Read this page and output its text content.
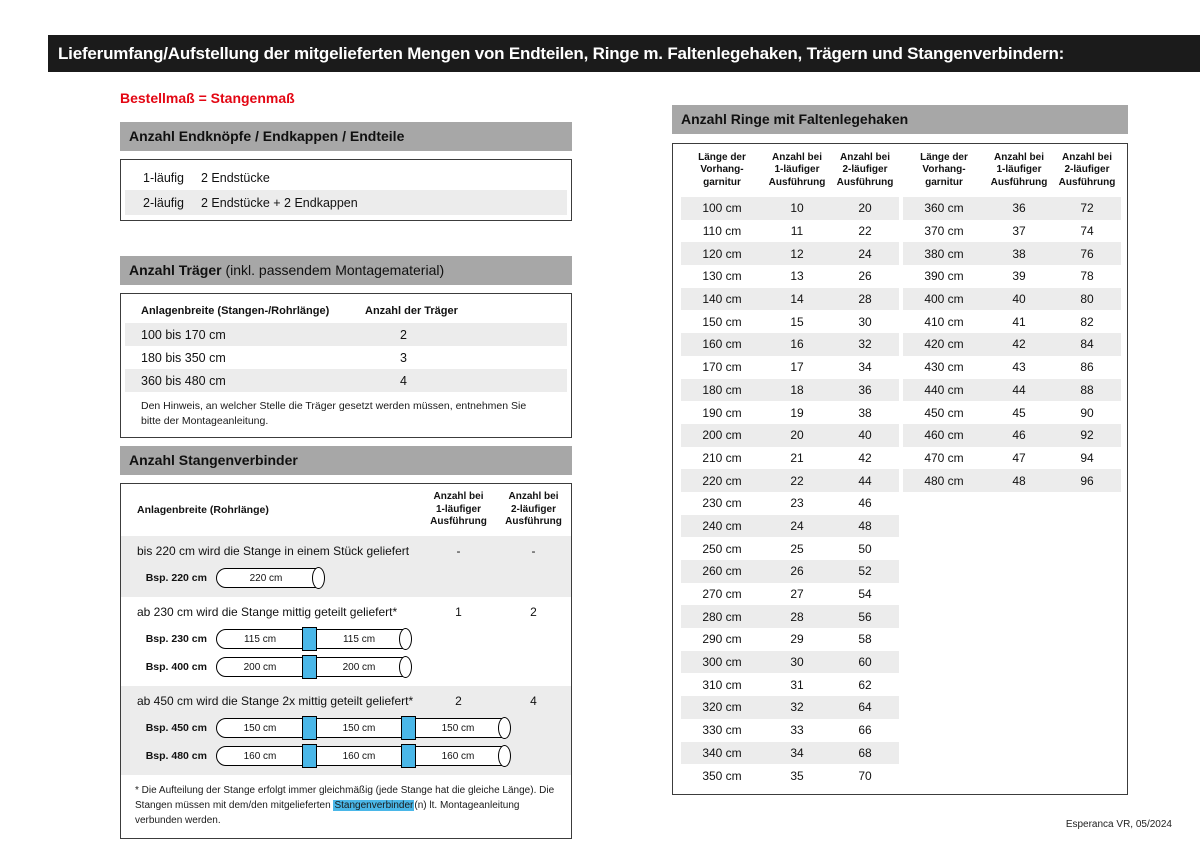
Lieferumfang/Aufstellung der mitgelieferten Mengen von Endteilen, Ringe m. Faltenlegehaken, Trägern und Stangenverbindern:
Bestellmaß = Stangenmaß
Anzahl Endknöpfe / Endkappen / Endteile
1-läufig	2 Endstücke
2-läufig	2 Endstücke + 2 Endkappen
Anzahl Träger (inkl. passendem Montagematerial)
Anlagenbreite (Stangen-/Rohrlänge)	Anzahl der Träger
100 bis 170 cm	2
180 bis 350 cm	3
360 bis 480 cm	4
Den Hinweis, an welcher Stelle die Träger gesetzt werden müssen, entnehmen Sie bitte der Montageanleitung.
Anzahl Stangenverbinder
Anlagenbreite (Rohrlänge)
Anzahl bei
1-läufiger
Ausführung
Anzahl bei
2-läufiger
Ausführung
bis 220 cm wird die Stange in einem Stück geliefert	-	-
Bsp. 220 cm	220 cm
ab 230 cm wird die Stange mittig geteilt geliefert*	1	2
Bsp. 230 cm	115 cm	115 cm
Bsp. 400 cm	200 cm	200 cm
ab 450 cm wird die Stange 2x mittig geteilt geliefert*	2	4
Bsp. 450 cm	150 cm	150 cm	150 cm
Bsp. 480 cm	160 cm	160 cm	160 cm
* Die Aufteilung der Stange erfolgt immer gleichmäßig (jede Stange hat die gleiche Länge). Die Stangen müssen mit dem/den mitgelieferten Stangenverbinder(n) lt. Montageanleitung verbunden werden.
Anzahl Ringe mit Faltenlegehaken
Länge der
Vorhang-
garnitur
Anzahl bei
1-läufiger
Ausführung
Anzahl bei
2-läufiger
Ausführung
100 cm	10	20
110 cm	11	22
120 cm	12	24
130 cm	13	26
140 cm	14	28
150 cm	15	30
160 cm	16	32
170 cm	17	34
180 cm	18	36
190 cm	19	38
200 cm	20	40
210 cm	21	42
220 cm	22	44
230 cm	23	46
240 cm	24	48
250 cm	25	50
260 cm	26	52
270 cm	27	54
280 cm	28	56
290 cm	29	58
300 cm	30	60
310 cm	31	62
320 cm	32	64
330 cm	33	66
340 cm	34	68
350 cm	35	70
Länge der
Vorhang-
garnitur
Anzahl bei
1-läufiger
Ausführung
Anzahl bei
2-läufiger
Ausführung
360 cm	36	72
370 cm	37	74
380 cm	38	76
390 cm	39	78
400 cm	40	80
410 cm	41	82
420 cm	42	84
430 cm	43	86
440 cm	44	88
450 cm	45	90
460 cm	46	92
470 cm	47	94
480 cm	48	96
Esperanca VR, 05/2024
